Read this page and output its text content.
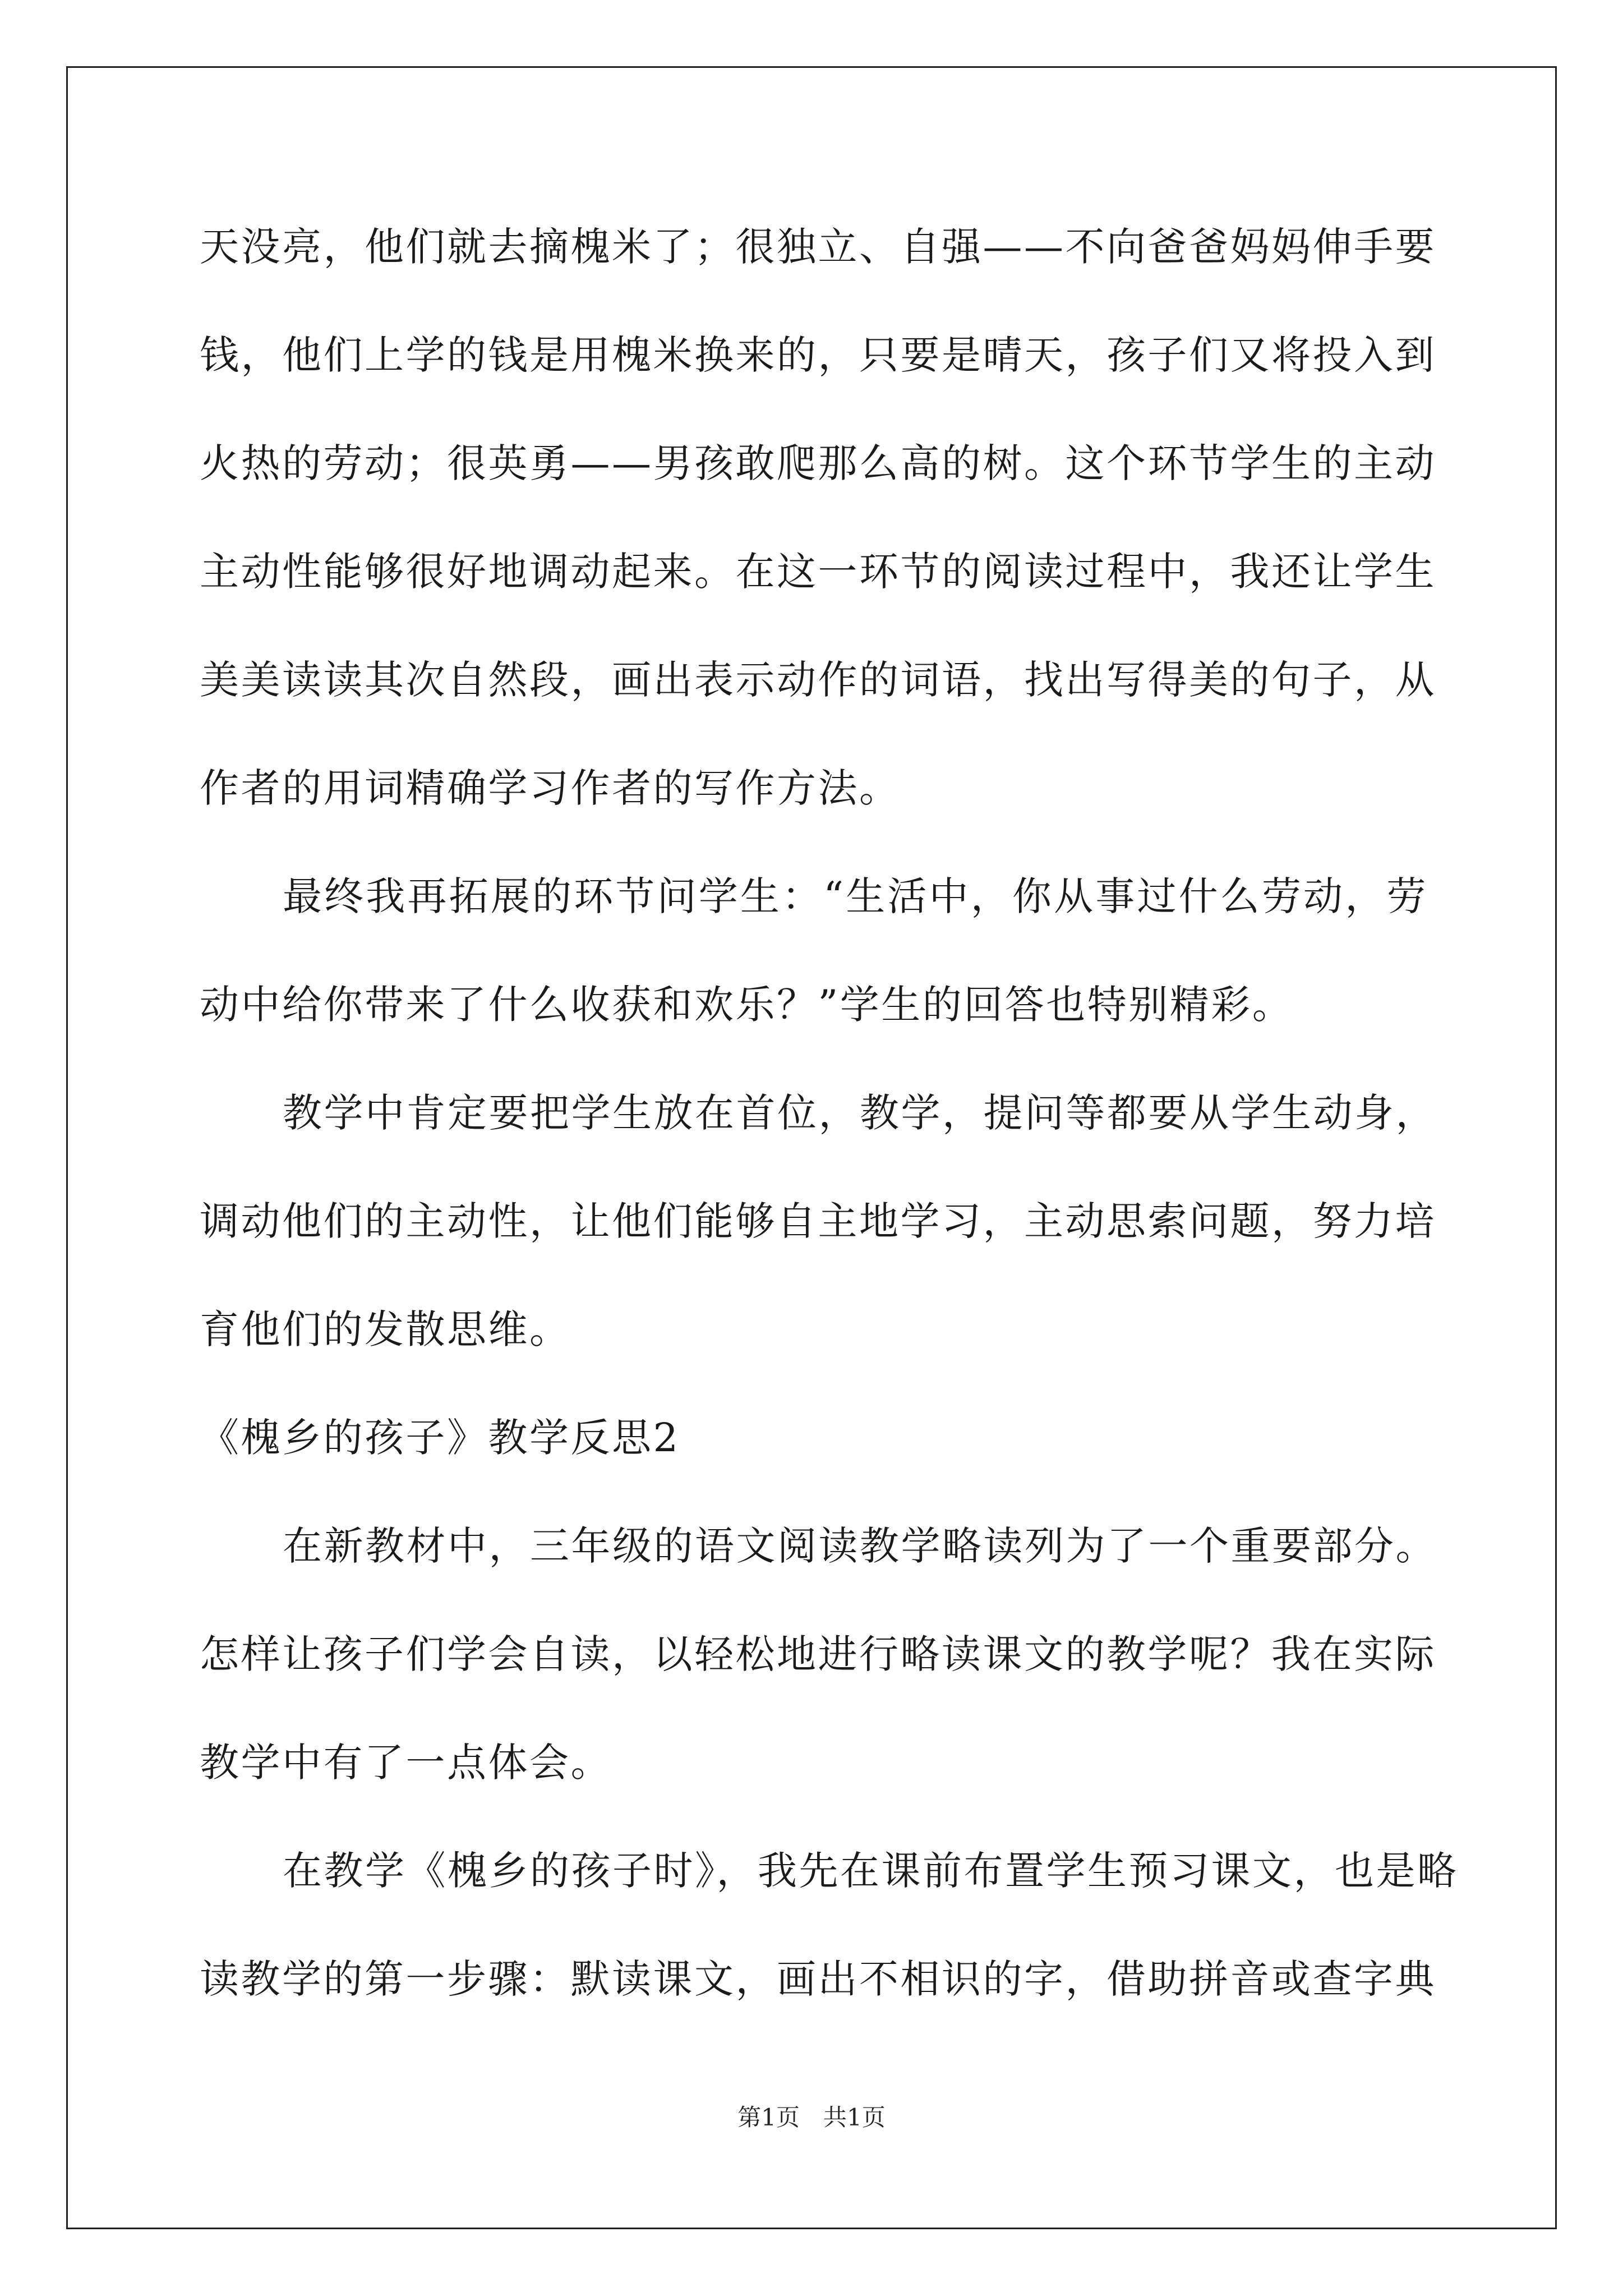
天没亮，他们就去摘槐米了；很独立、自强——不向爸爸妈妈伸手要
钱，他们上学的钱是用槐米换来的，只要是晴天，孩子们又将投入到
火热的劳动；很英勇——男孩敢爬那么高的树。这个环节学生的主动
主动性能够很好地调动起来。在这一环节的阅读过程中，我还让学生
美美读读其次自然段，画出表示动作的词语，找出写得美的句子，从
作者的用词精确学习作者的写作方法。
最终我再拓展的环节问学生：“生活中，你从事过什么劳动，劳
动中给你带来了什么收获和欢乐？”学生的回答也特别精彩。
教学中肯定要把学生放在首位，教学，提问等都要从学生动身，
调动他们的主动性，让他们能够自主地学习，主动思索问题，努力培
育他们的发散思维。
《槐乡的孩子》教学反思2
在新教材中，三年级的语文阅读教学略读列为了一个重要部分。
怎样让孩子们学会自读，以轻松地进行略读课文的教学呢？我在实际
教学中有了一点体会。
在教学《槐乡的孩子时》，我先在课前布置学生预习课文，也是略
读教学的第一步骤：默读课文，画出不相识的字，借助拼音或查字典
第1页　共1页
